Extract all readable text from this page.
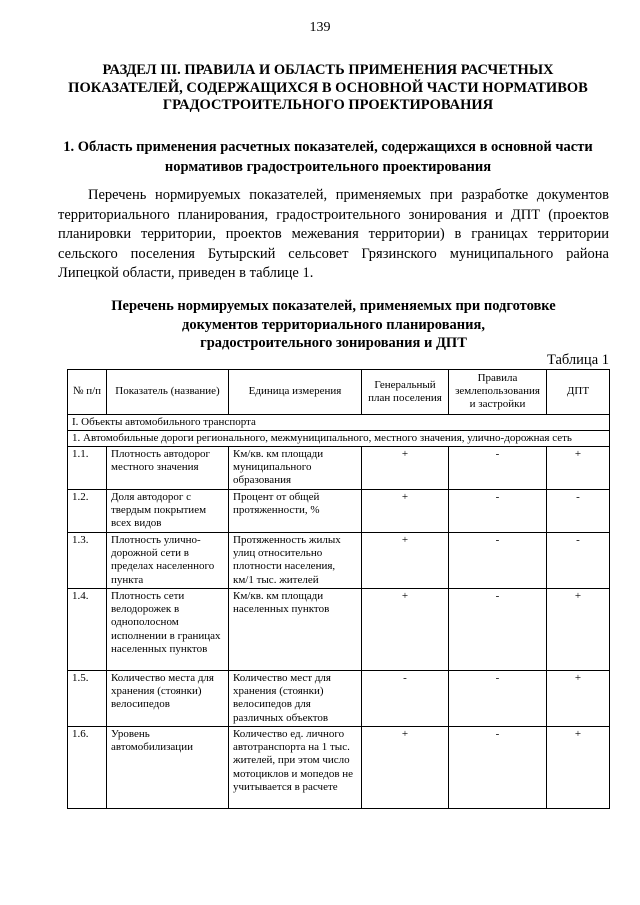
139
РАЗДЕЛ III. ПРАВИЛА И ОБЛАСТЬ ПРИМЕНЕНИЯ РАСЧЕТНЫХ ПОКАЗАТЕЛЕЙ, СОДЕРЖАЩИХСЯ В ОСНОВНОЙ ЧАСТИ НОРМАТИВОВ ГРАДОСТРОИТЕЛЬНОГО ПРОЕКТИРОВАНИЯ
1. Область применения расчетных показателей, содержащихся в основной части нормативов градостроительного проектирования
Перечень нормируемых показателей, применяемых при разработке документов территориального планирования, градостроительного зонирования и ДПТ (проектов планировки территории, проектов межевания территории) в границах территории сельского поселения Бутырский сельсовет Грязинского муниципального района Липецкой области, приведен в таблице 1.
Перечень нормируемых показателей, применяемых при подготовке
документов территориального планирования,
градостроительного зонирования и ДПТ
Таблица 1
№ п/п	Показатель (название)	Единица измерения	Генеральный план поселения	Правила землепользования и застройки	ДПТ
I. Объекты автомобильного транспорта					
1. Автомобильные дороги регионального, межмуниципального, местного значения, улично-дорожная сеть					
1.1.	Плотность автодорог местного значения	Км/кв. км площади муниципального образования	+	-	+
1.2.	Доля автодорог с твердым покрытием всех видов	Процент от общей протяженности, %	+	-	-
1.3.	Плотность улично-дорожной сети в пределах населенного пункта	Протяженность жилых улиц относительно плотности населения, км/1 тыс. жителей	+	-	-
1.4.	Плотность сети велодорожек в однополосном исполнении в границах населенных пунктов	Км/кв. км площади населенных пунктов	+	-	+
1.5.	Количество места для хранения (стоянки) велосипедов	Количество мест для хранения (стоянки) велосипедов для различных объектов	-	-	+
1.6.	Уровень автомобилизации	Количество ед. личного автотранспорта на 1 тыс. жителей, при этом число мотоциклов и мопедов не учитывается в расчете	+	-	+
